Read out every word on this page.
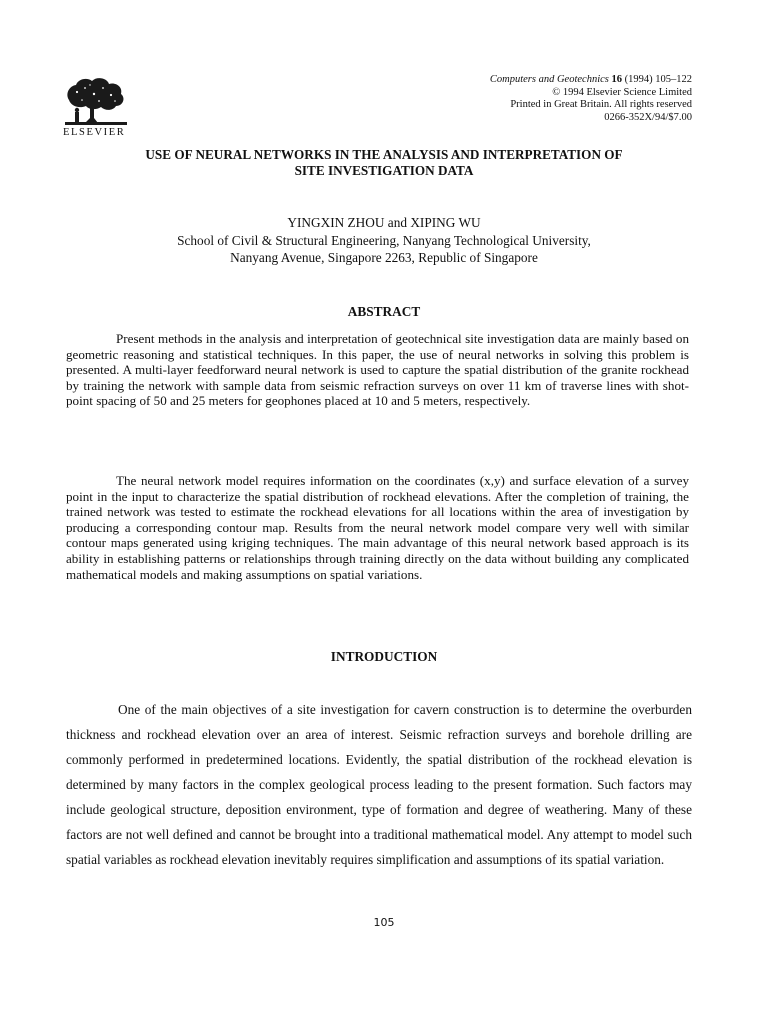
ELSEVIER
Computers and Geotechnics 16 (1994) 105–122
© 1994 Elsevier Science Limited
Printed in Great Britain. All rights reserved
0266-352X/94/$7.00
USE OF NEURAL NETWORKS IN THE ANALYSIS AND INTERPRETATION OF
SITE INVESTIGATION DATA
YINGXIN ZHOU and XIPING WU
School of Civil & Structural Engineering, Nanyang Technological University,
Nanyang Avenue, Singapore 2263, Republic of Singapore
ABSTRACT

Present methods in the analysis and interpretation of geotechnical site investigation data are mainly based on geometric reasoning and statistical techniques. In this paper, the use of neural networks in solving this problem is presented. A multi-layer feedforward neural network is used to capture the spatial distribution of the granite rockhead by training the network with sample data from seismic refraction surveys on over 11 km of traverse lines with shot-point spacing of 50 and 25 meters for geophones placed at 10 and 5 meters, respectively.

The neural network model requires information on the coordinates (x,y) and surface elevation of a survey point in the input to characterize the spatial distribution of rockhead elevations. After the completion of training, the trained network was tested to estimate the rockhead elevations for all locations within the area of investigation by producing a corresponding contour map. Results from the neural network model compare very well with similar contour maps generated using kriging techniques. The main advantage of this neural network based approach is its ability in establishing patterns or relationships through training directly on the data without building any complicated mathematical models and making assumptions on spatial variations.

INTRODUCTION

One of the main objectives of a site investigation for cavern construction is to determine the overburden thickness and rockhead elevation over an area of interest. Seismic refraction surveys and borehole drilling are commonly performed in predetermined locations. Evidently, the spatial distribution of the rockhead elevation is determined by many factors in the complex geological process leading to the present formation. Such factors may include geological structure, deposition environment, type of formation and degree of weathering. Many of these factors are not well defined and cannot be brought into a traditional mathematical model. Any attempt to model such spatial variables as rockhead elevation inevitably requires simplification and assumptions of its spatial variation.

105
